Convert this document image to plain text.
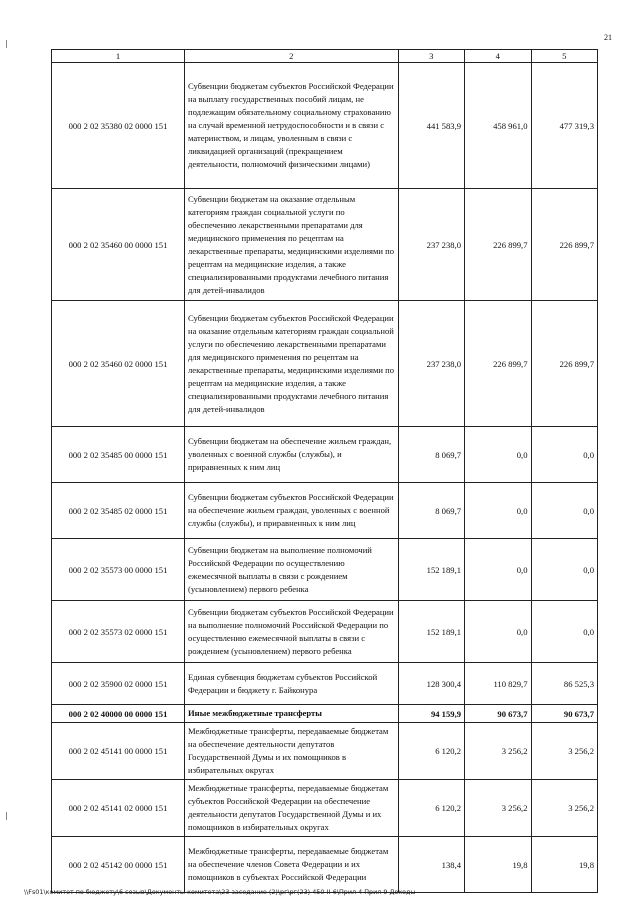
21
1	2	3	4	5
000 2 02 35380 02 0000 151	Субвенции бюджетам субъектов Российской Федерации на выплату государственных пособий лицам, не подлежащим обязательному социальному страхованию на случай временной нетрудоспособности и в связи с материнством, и лицам, уволенным в связи с ликвидацией организаций (прекращением деятельности, полномочий физическими лицами)	441 583,9	458 961,0	477 319,3
000 2 02 35460 00 0000 151	Субвенции бюджетам на оказание отдельным категориям граждан социальной услуги по обеспечению лекарственными препаратами для медицинского применения по рецептам на лекарственные препараты, медицинскими изделиями по рецептам на медицинские изделия, а также специализированными продуктами лечебного питания для детей-инвалидов	237 238,0	226 899,7	226 899,7
000 2 02 35460 02 0000 151	Субвенции бюджетам субъектов Российской Федерации на оказание отдельным категориям граждан социальной услуги по обеспечению лекарственными препаратами для медицинского применения по рецептам на лекарственные препараты, медицинскими изделиями по рецептам на медицинские изделия, а также специализированными продуктами лечебного питания для детей-инвалидов	237 238,0	226 899,7	226 899,7
000 2 02 35485 00 0000 151	Субвенции бюджетам на обеспечение жильем граждан, уволенных с военной службы (службы), и приравненных к ним лиц	8 069,7	0,0	0,0
000 2 02 35485 02 0000 151	Субвенции бюджетам субъектов Российской Федерации на обеспечение жильем граждан, уволенных с военной службы (службы), и приравненных к ним лиц	8 069,7	0,0	0,0
000 2 02 35573 00 0000 151	Субвенции бюджетам на выполнение полномочий Российской Федерации по осуществлению ежемесячной выплаты в связи с рождением (усыновлением) первого ребенка	152 189,1	0,0	0,0
000 2 02 35573 02 0000 151	Субвенции бюджетам субъектов Российской Федерации на выполнение полномочий Российской Федерации по осуществлению ежемесячной выплаты в связи с рождением (усыновлением) первого ребенка	152 189,1	0,0	0,0
000 2 02 35900 02 0000 151	Единая субвенция бюджетам субъектов Российской Федерации и бюджету г. Байконура	128 300,4	110 829,7	86 525,3
000 2 02 40000 00 0000 151	Иные межбюджетные трансферты	94 159,9	90 673,7	90 673,7
000 2 02 45141 00 0000 151	Межбюджетные трансферты, передаваемые бюджетам на обеспечение деятельности депутатов Государственной Думы и их помощников в избирательных округах	6 120,2	3 256,2	3 256,2
000 2 02 45141 02 0000 151	Межбюджетные трансферты, передаваемые бюджетам субъектов Российской Федерации на обеспечение деятельности депутатов Государственной Думы и их помощников в избирательных округах	6 120,2	3 256,2	3 256,2
000 2 02 45142 00 0000 151	Межбюджетные трансферты, передаваемые бюджетам на обеспечение членов Совета Федерации и их помощников в субъектах Российской Федерации	138,4	19,8	19,8
\\Fs01\комитет по бюджету\6 созыв\Документы комитета\23 заседание (2)\рг\рг(23) 450-II-6\Прил 4 Прил 9 Доходы
